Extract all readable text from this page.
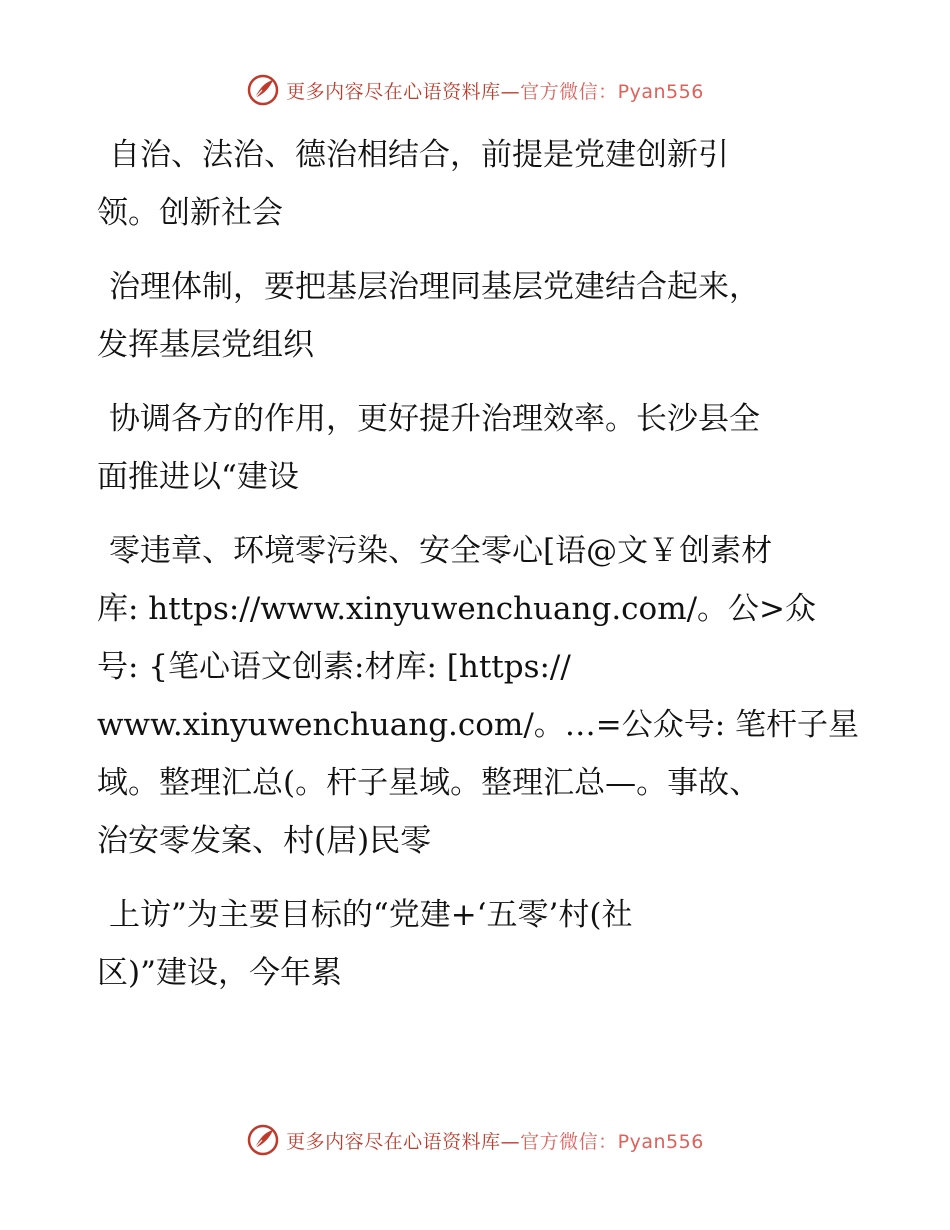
更多内容尽在心语资料库—官方微信：Pyan556

自治、法治、德治相结合，前提是党建创新引
领。创新社会

治理体制，要把基层治理同基层党建结合起来，
发挥基层党组织

协调各方的作用，更好提升治理效率。长沙县全
面推进以“建设

零违章、环境零污染、安全零心[语@文￥创素材
库: https://www.xinyuwenchuang.com/。公>众
号: {笔心语文创素:材库: [https://
www.xinyuwenchuang.com/。…=公众号: 笔杆子星
域。整理汇总(。杆子星域。整理汇总—。事故、
治安零发案、村(居)民零

上访”为主要目标的“党建+‘五零’村(社
区)”建设，今年累

更多内容尽在心语资料库—官方微信：Pyan556
